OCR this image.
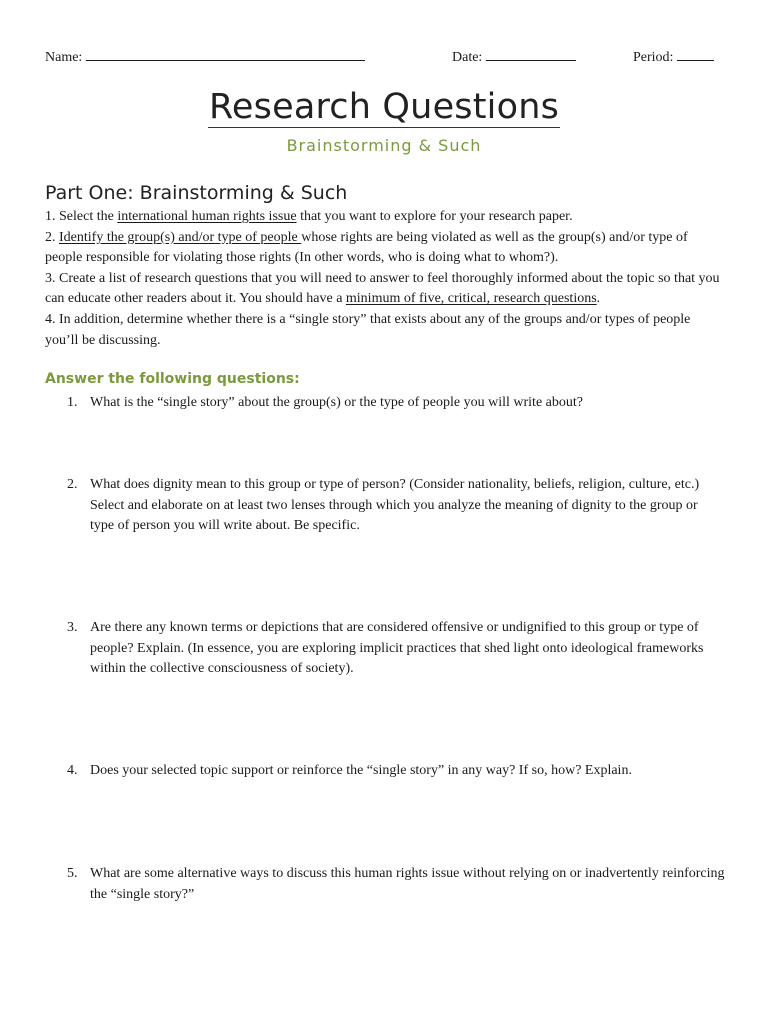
Name:	Date:	Period:
Research Questions
Brainstorming & Such
Part One: Brainstorming & Such

1. Select the international human rights issue that you want to explore for your research paper.

2. Identify the group(s) and/or type of people whose rights are being violated as well as the group(s) and/or type of people responsible for violating those rights (In other words, who is doing what to whom?).

3. Create a list of research questions that you will need to answer to feel thoroughly informed about the topic so that you can educate other readers about it. You should have a minimum of five, critical, research questions.

4. In addition, determine whether there is a “single story” that exists about any of the groups and/or types of people you’ll be discussing.

Answer the following questions:
1. What is the “single story” about the group(s) or the type of people you will write about?
2. What does dignity mean to this group or type of person? (Consider nationality, beliefs, religion, culture, etc.) Select and elaborate on at least two lenses through which you analyze the meaning of dignity to the group or type of person you will write about. Be specific.
3. Are there any known terms or depictions that are considered offensive or undignified to this group or type of people? Explain. (In essence, you are exploring implicit practices that shed light onto ideological frameworks within the collective consciousness of society).
4. Does your selected topic support or reinforce the “single story” in any way? If so, how? Explain.
5. What are some alternative ways to discuss this human rights issue without relying on or inadvertently reinforcing the “single story?”
